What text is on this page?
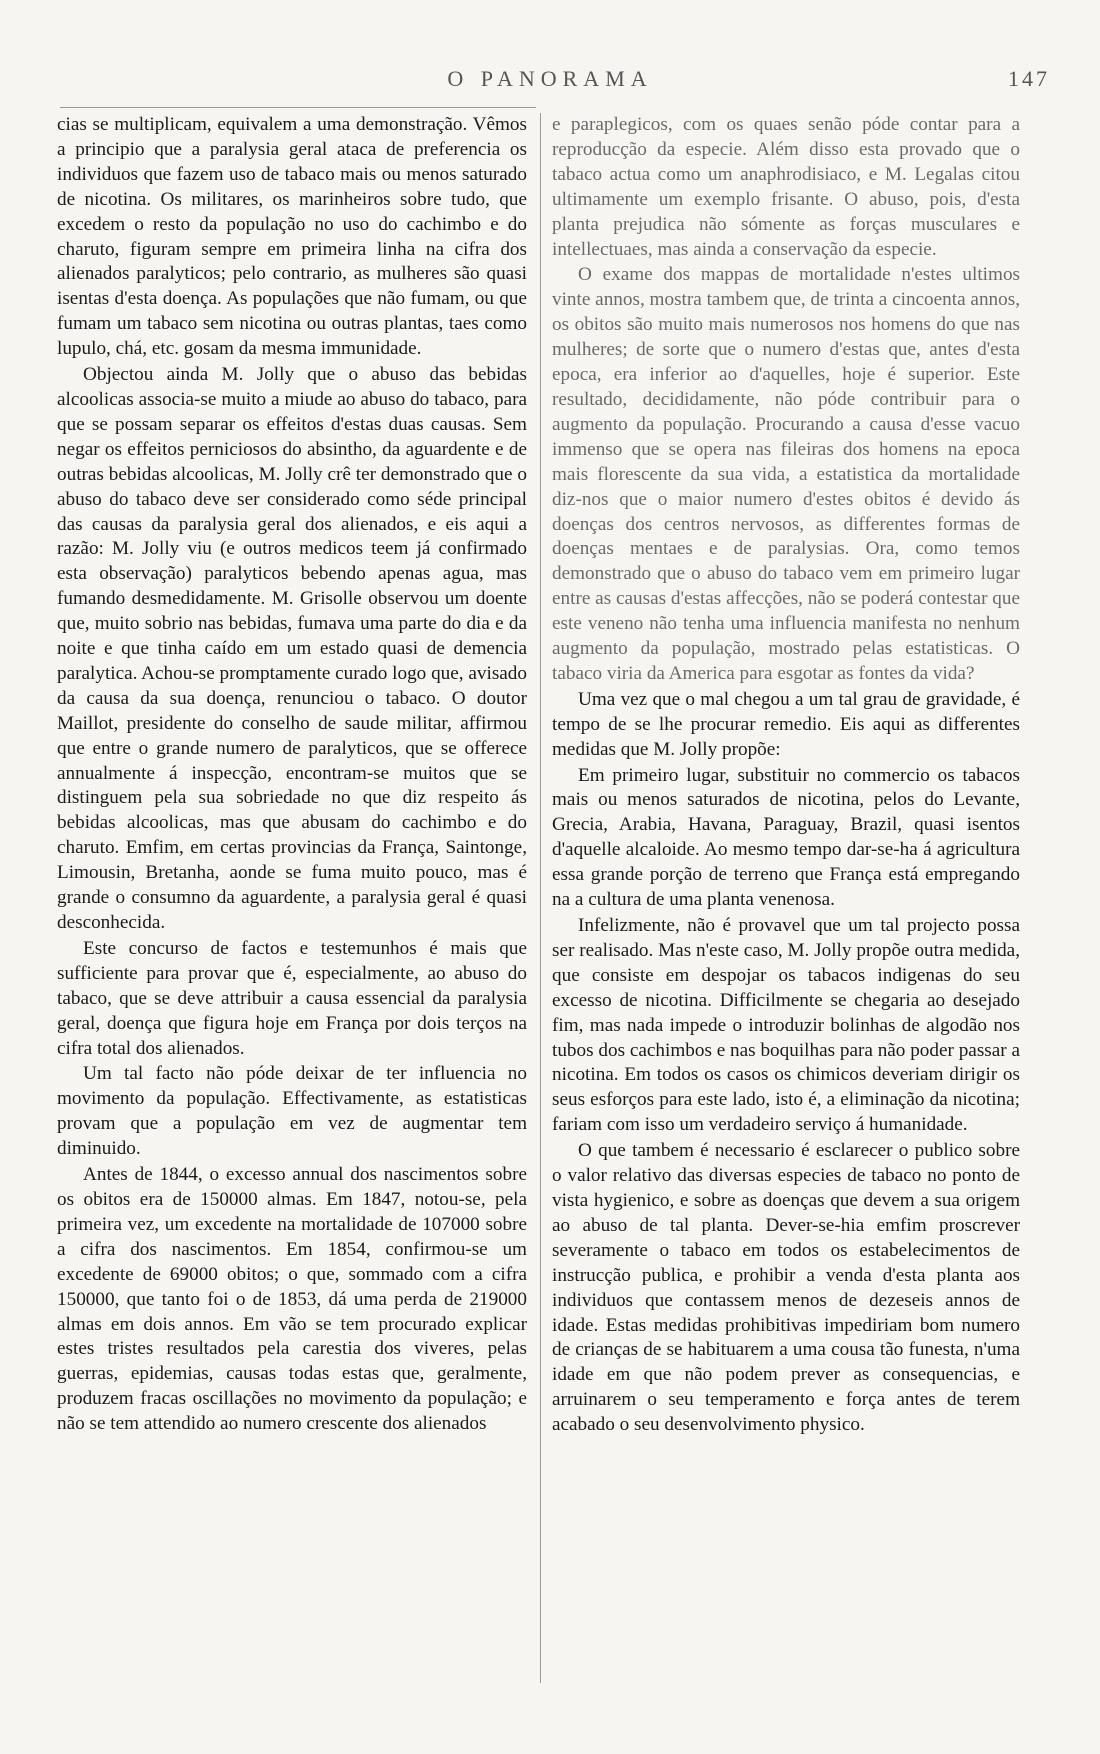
O PANORAMA	147

cias se multiplicam, equivalem a uma demonstração. Vêmos a principio que a paralysia geral ataca de preferencia os individuos que fazem uso de tabaco mais ou menos saturado de nicotina. Os militares, os marinheiros sobre tudo, que excedem o resto da população no uso do cachimbo e do charuto, figuram sempre em primeira linha na cifra dos alienados paralyticos; pelo contrario, as mulheres são quasi isentas d'esta doença. As populações que não fumam, ou que fumam um tabaco sem nicotina ou outras plantas, taes como lupulo, chá, etc. gosam da mesma immunidade.

Objectou ainda M. Jolly que o abuso das bebidas alcoolicas associa-se muito a miude ao abuso do tabaco, para que se possam separar os effeitos d'estas duas causas. Sem negar os effeitos perniciosos do absintho, da aguardente e de outras bebidas alcoolicas, M. Jolly crê ter demonstrado que o abuso do tabaco deve ser considerado como séde principal das causas da paralysia geral dos alienados, e eis aqui a razão: M. Jolly viu (e outros medicos teem já confirmado esta observação) paralyticos bebendo apenas agua, mas fumando desmedidamente. M. Grisolle observou um doente que, muito sobrio nas bebidas, fumava uma parte do dia e da noite e que tinha caído em um estado quasi de demencia paralytica. Achou-se promptamente curado logo que, avisado da causa da sua doença, renunciou o tabaco. O doutor Maillot, presidente do conselho de saude militar, affirmou que entre o grande numero de paralyticos, que se offerece annualmente á inspecção, encontram-se muitos que se distinguem pela sua sobriedade no que diz respeito ás bebidas alcoolicas, mas que abusam do cachimbo e do charuto. Emfim, em certas provincias da França, Saintonge, Limousin, Bretanha, aonde se fuma muito pouco, mas é grande o consumno da aguardente, a paralysia geral é quasi desconhecida.

Este concurso de factos e testemunhos é mais que sufficiente para provar que é, especialmente, ao abuso do tabaco, que se deve attribuir a causa essencial da paralysia geral, doença que figura hoje em França por dois terços na cifra total dos alienados.

Um tal facto não póde deixar de ter influencia no movimento da população. Effectivamente, as estatisticas provam que a população em vez de augmentar tem diminuido.

Antes de 1844, o excesso annual dos nascimentos sobre os obitos era de 150000 almas. Em 1847, notou-se, pela primeira vez, um excedente na mortalidade de 107000 sobre a cifra dos nascimentos. Em 1854, confirmou-se um excedente de 69000 obitos; o que, sommado com a cifra 150000, que tanto foi o de 1853, dá uma perda de 219000 almas em dois annos. Em vão se tem procurado explicar estes tristes resultados pela carestia dos viveres, pelas guerras, epidemias, causas todas estas que, geralmente, produzem fracas oscillações no movimento da população; e não se tem attendido ao numero crescente dos alienados

e paraplegicos, com os quaes senão póde contar para a reproducção da especie. Além disso esta provado que o tabaco actua como um anaphrodisiaco, e M. Legalas citou ultimamente um exemplo frisante. O abuso, pois, d'esta planta prejudica não sómente as forças musculares e intellectuaes, mas ainda a conservação da especie.

O exame dos mappas de mortalidade n'estes ultimos vinte annos, mostra tambem que, de trinta a cincoenta annos, os obitos são muito mais numerosos nos homens do que nas mulheres; de sorte que o numero d'estas que, antes d'esta epoca, era inferior ao d'aquelles, hoje é superior. Este resultado, decididamente, não póde contribuir para o augmento da população. Procurando a causa d'esse vacuo immenso que se opera nas fileiras dos homens na epoca mais florescente da sua vida, a estatistica da mortalidade diz-nos que o maior numero d'estes obitos é devido ás doenças dos centros nervosos, as differentes formas de doenças mentaes e de paralysias. Ora, como temos demonstrado que o abuso do tabaco vem em primeiro lugar entre as causas d'estas affecções, não se poderá contestar que este veneno não tenha uma influencia manifesta no nenhum augmento da população, mostrado pelas estatisticas. O tabaco viria da America para esgotar as fontes da vida?

Uma vez que o mal chegou a um tal grau de gravidade, é tempo de se lhe procurar remedio. Eis aqui as differentes medidas que M. Jolly propõe:

Em primeiro lugar, substituir no commercio os tabacos mais ou menos saturados de nicotina, pelos do Levante, Grecia, Arabia, Havana, Paraguay, Brazil, quasi isentos d'aquelle alcaloide. Ao mesmo tempo dar-se-ha á agricultura essa grande porção de terreno que França está empregando na a cultura de uma planta venenosa.

Infelizmente, não é provavel que um tal projecto possa ser realisado. Mas n'este caso, M. Jolly propõe outra medida, que consiste em despojar os tabacos indigenas do seu excesso de nicotina. Difficilmente se chegaria ao desejado fim, mas nada impede o introduzir bolinhas de algodão nos tubos dos cachimbos e nas boquilhas para não poder passar a nicotina. Em todos os casos os chimicos deveriam dirigir os seus esforços para este lado, isto é, a eliminação da nicotina; fariam com isso um verdadeiro serviço á humanidade.

O que tambem é necessario é esclarecer o publico sobre o valor relativo das diversas especies de tabaco no ponto de vista hygienico, e sobre as doenças que devem a sua origem ao abuso de tal planta. Dever-se-hia emfim proscrever severamente o tabaco em todos os estabelecimentos de instrucção publica, e prohibir a venda d'esta planta aos individuos que contassem menos de dezeseis annos de idade. Estas medidas prohibitivas impediriam bom numero de crianças de se habituarem a uma cousa tão funesta, n'uma idade em que não podem prever as consequencias, e arruinarem o seu temperamento e força antes de terem acabado o seu desenvolvimento physico.
